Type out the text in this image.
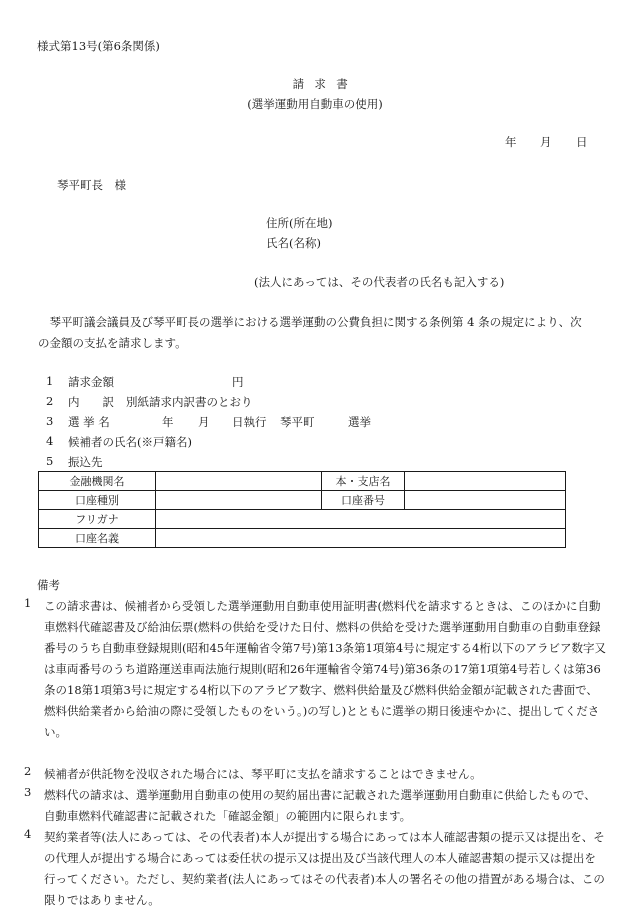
様式第13号(第6条関係)
請求書
(選挙運動用自動車の使用)
年 月 日
琴平町長　様
住所(所在地)
氏名(名称)
(法人にあっては、その代表者の氏名も記入する)
琴平町議会議員及び琴平町長の選挙における選挙運動の公費負担に関する条例第 4 条の規定により、次の金額の支払を請求します。
1 請求金額	円
2 内　　訳 別紙請求内訳書のとおり
3 選 挙 名	年 月 日執行 琴平町	選挙
4 候補者の氏名(※戸籍名)
5 振込先
金融機関名		本・支店名	
口座種別		口座番号	
フリガナ			
口座名義			
備考
1 この請求書は、候補者から受領した選挙運動用自動車使用証明書(燃料代を請求するときは、このほかに自動車燃料代確認書及び給油伝票(燃料の供給を受けた日付、燃料の供給を受けた選挙運動用自動車の自動車登録番号のうち自動車登録規則(昭和45年運輸省令第7号)第13条第1項第4号に規定する4桁以下のアラビア数字又は車両番号のうち道路運送車両法施行規則(昭和26年運輸省令第74号)第36条の17第1項第4号若しくは第36条の18第1項第3号に規定する4桁以下のアラビア数字、燃料供給量及び燃料供給金額が記載された書面で、燃料供給業者から給油の際に受領したものをいう。)の写し)とともに選挙の期日後速やかに、提出してください。
2 候補者が供託物を没収された場合には、琴平町に支払を請求することはできません。
3 燃料代の請求は、選挙運動用自動車の使用の契約届出書に記載された選挙運動用自動車に供給したもので、自動車燃料代確認書に記載された「確認金額」の範囲内に限られます。
4 契約業者等(法人にあっては、その代表者)本人が提出する場合にあっては本人確認書類の提示又は提出を、その代理人が提出する場合にあっては委任状の提示又は提出及び当該代理人の本人確認書類の提示又は提出を行ってください。ただし、契約業者(法人にあってはその代表者)本人の署名その他の措置がある場合は、この限りではありません。
